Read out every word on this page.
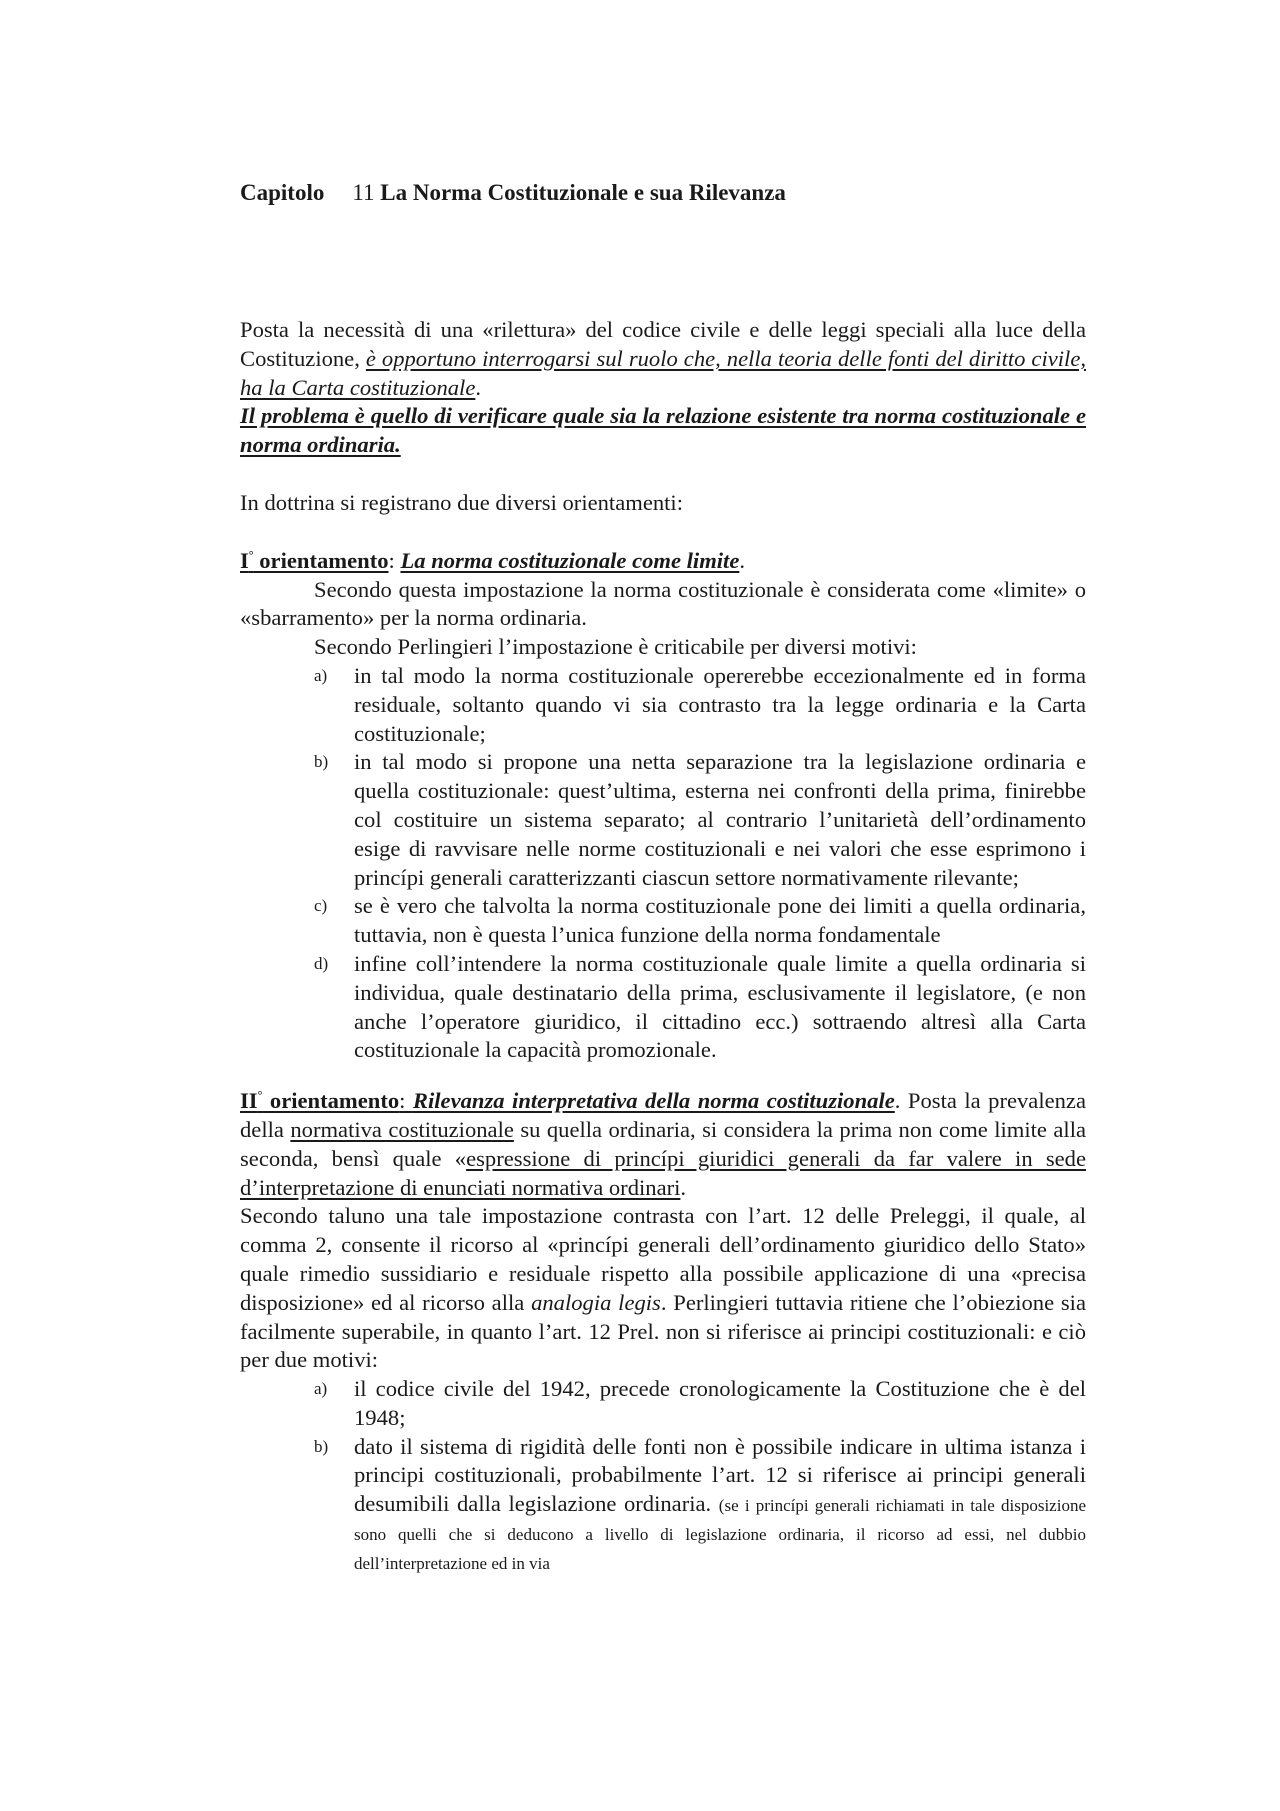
Capitolo 11 La Norma Costituzionale e sua Rilevanza

Posta la necessità di una «rilettura» del codice civile e delle leggi speciali alla luce della Costituzione, è opportuno interrogarsi sul ruolo che, nella teoria delle fonti del diritto civile, ha la Carta costituzionale.

Il problema è quello di verificare quale sia la relazione esistente tra norma costituzionale e norma ordinaria.

In dottrina si registrano due diversi orientamenti:

I° orientamento: La norma costituzionale come limite.

Secondo questa impostazione la norma costituzionale è considerata come «limite» o «sbarramento» per la norma ordinaria.

Secondo Perlingieri l’impostazione è criticabile per diversi motivi:

a) in tal modo la norma costituzionale opererebbe eccezionalmente ed in forma residuale, soltanto quando vi sia contrasto tra la legge ordinaria e la Carta costituzionale;
b) in tal modo si propone una netta separazione tra la legislazione ordinaria e quella costituzionale: quest’ultima, esterna nei confronti della prima, finirebbe col costituire un sistema separato; al contrario l’unitarietà dell’ordinamento esige di ravvisare nelle norme costituzionali e nei valori che esse esprimono i princípi generali caratterizzanti ciascun settore normativamente rilevante;
c) se è vero che talvolta la norma costituzionale pone dei limiti a quella ordinaria, tuttavia, non è questa l’unica funzione della norma fondamentale
d) infine coll’intendere la norma costituzionale quale limite a quella ordinaria si individua, quale destinatario della prima, esclusivamente il legislatore, (e non anche l’operatore giuridico, il cittadino ecc.) sottraendo altresì alla Carta costituzionale la capacità promozionale.

II° orientamento: Rilevanza interpretativa della norma costituzionale. Posta la prevalenza della normativa costituzionale su quella ordinaria, si considera la prima non come limite alla seconda, bensì quale «espressione di princípi giuridici generali da far valere in sede d’interpretazione di enunciati normativa ordinari.

Secondo taluno una tale impostazione contrasta con l’art. 12 delle Preleggi, il quale, al comma 2, consente il ricorso al «princípi generali dell’ordinamento giuridico dello Stato» quale rimedio sussidiario e residuale rispetto alla possibile applicazione di una «precisa disposizione» ed al ricorso alla analogia legis. Perlingieri tuttavia ritiene che l’obiezione sia facilmente superabile, in quanto l’art. 12 Prel. non si riferisce ai principi costituzionali: e ciò per due motivi:

a) il codice civile del 1942, precede cronologicamente la Costituzione che è del 1948;
b) dato il sistema di rigidità delle fonti non è possibile indicare in ultima istanza i principi costituzionali, probabilmente l’art. 12 si riferisce ai principi generali desumibili dalla legislazione ordinaria. (se i princípi generali richiamati in tale disposizione sono quelli che si deducono a livello di legislazione ordinaria, il ricorso ad essi, nel dubbio dell’interpretazione ed in via
